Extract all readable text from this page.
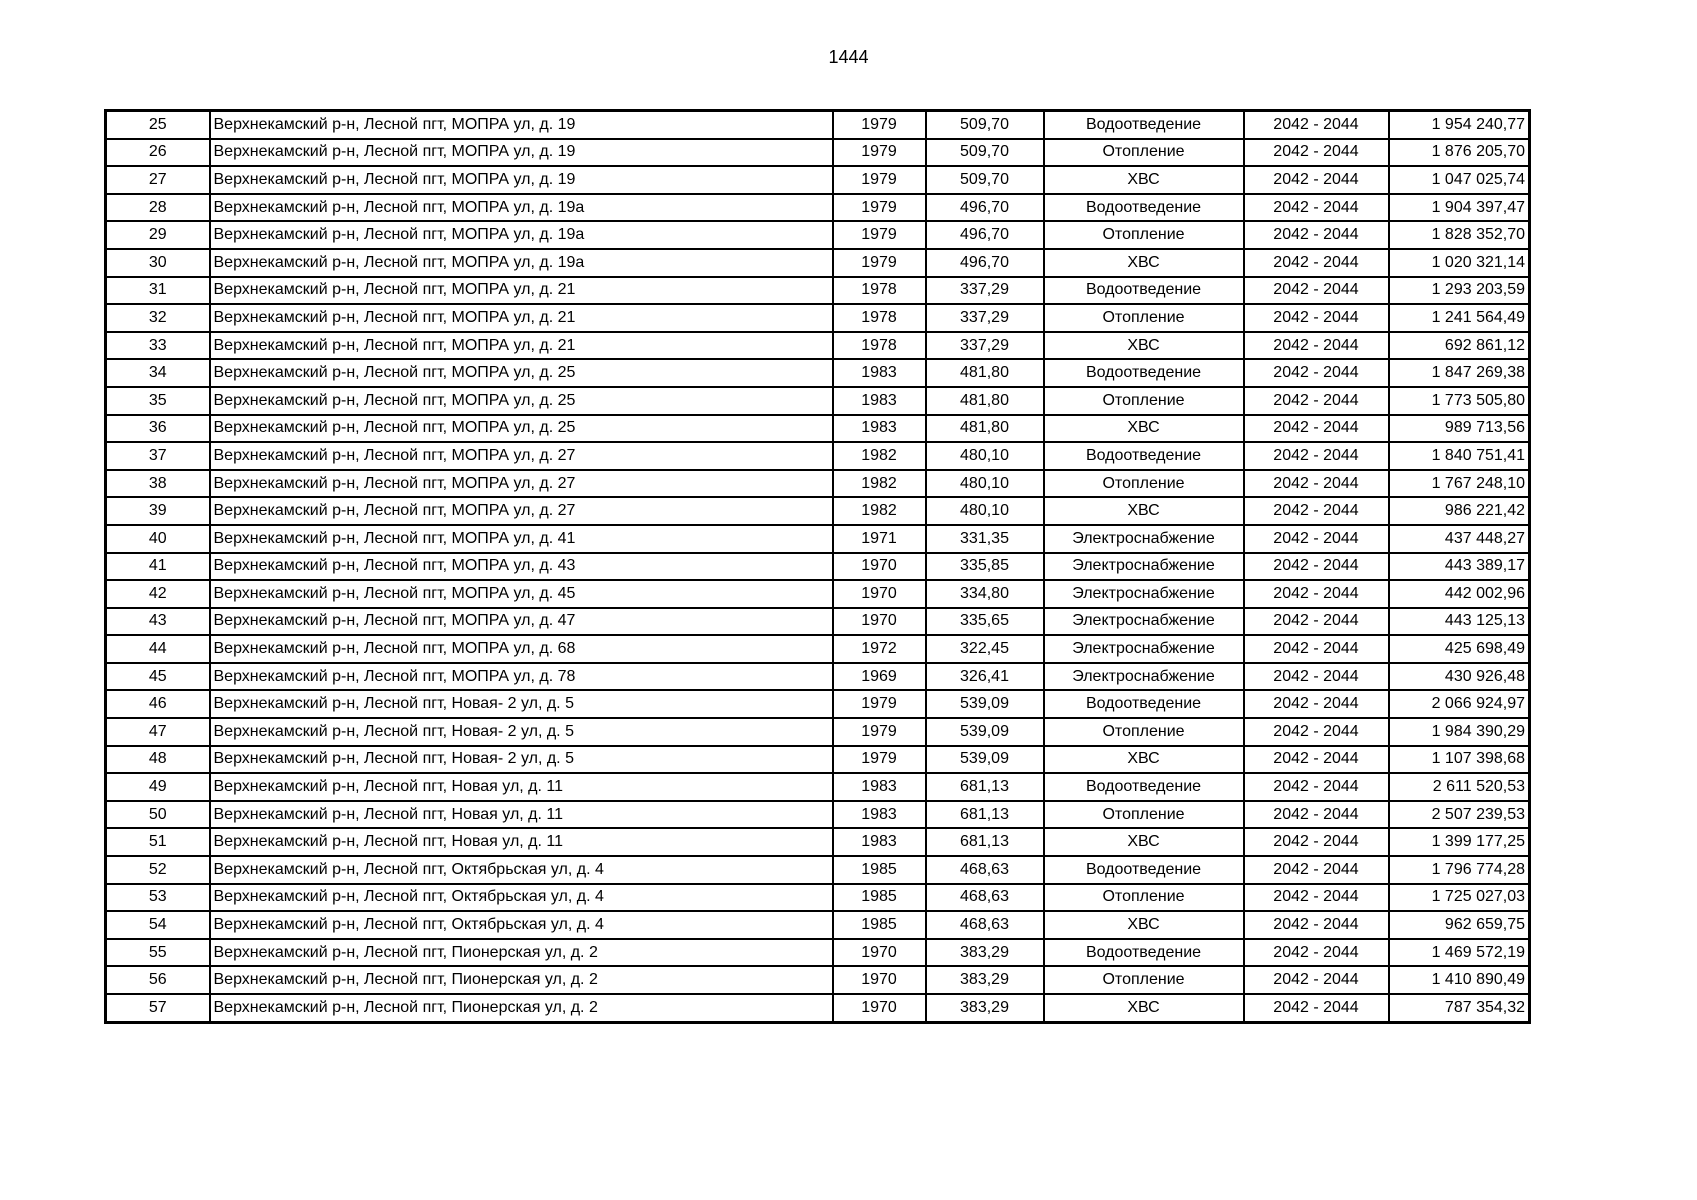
1444
25	Верхнекамский р-н, Лесной пгт, МОПРА ул, д. 19	1979	509,70	Водоотведение	2042 - 2044	1 954 240,77
26	Верхнекамский р-н, Лесной пгт, МОПРА ул, д. 19	1979	509,70	Отопление	2042 - 2044	1 876 205,70
27	Верхнекамский р-н, Лесной пгт, МОПРА ул, д. 19	1979	509,70	ХВС	2042 - 2044	1 047 025,74
28	Верхнекамский р-н, Лесной пгт, МОПРА ул, д. 19а	1979	496,70	Водоотведение	2042 - 2044	1 904 397,47
29	Верхнекамский р-н, Лесной пгт, МОПРА ул, д. 19а	1979	496,70	Отопление	2042 - 2044	1 828 352,70
30	Верхнекамский р-н, Лесной пгт, МОПРА ул, д. 19а	1979	496,70	ХВС	2042 - 2044	1 020 321,14
31	Верхнекамский р-н, Лесной пгт, МОПРА ул, д. 21	1978	337,29	Водоотведение	2042 - 2044	1 293 203,59
32	Верхнекамский р-н, Лесной пгт, МОПРА ул, д. 21	1978	337,29	Отопление	2042 - 2044	1 241 564,49
33	Верхнекамский р-н, Лесной пгт, МОПРА ул, д. 21	1978	337,29	ХВС	2042 - 2044	692 861,12
34	Верхнекамский р-н, Лесной пгт, МОПРА ул, д. 25	1983	481,80	Водоотведение	2042 - 2044	1 847 269,38
35	Верхнекамский р-н, Лесной пгт, МОПРА ул, д. 25	1983	481,80	Отопление	2042 - 2044	1 773 505,80
36	Верхнекамский р-н, Лесной пгт, МОПРА ул, д. 25	1983	481,80	ХВС	2042 - 2044	989 713,56
37	Верхнекамский р-н, Лесной пгт, МОПРА ул, д. 27	1982	480,10	Водоотведение	2042 - 2044	1 840 751,41
38	Верхнекамский р-н, Лесной пгт, МОПРА ул, д. 27	1982	480,10	Отопление	2042 - 2044	1 767 248,10
39	Верхнекамский р-н, Лесной пгт, МОПРА ул, д. 27	1982	480,10	ХВС	2042 - 2044	986 221,42
40	Верхнекамский р-н, Лесной пгт, МОПРА ул, д. 41	1971	331,35	Электроснабжение	2042 - 2044	437 448,27
41	Верхнекамский р-н, Лесной пгт, МОПРА ул, д. 43	1970	335,85	Электроснабжение	2042 - 2044	443 389,17
42	Верхнекамский р-н, Лесной пгт, МОПРА ул, д. 45	1970	334,80	Электроснабжение	2042 - 2044	442 002,96
43	Верхнекамский р-н, Лесной пгт, МОПРА ул, д. 47	1970	335,65	Электроснабжение	2042 - 2044	443 125,13
44	Верхнекамский р-н, Лесной пгт, МОПРА ул, д. 68	1972	322,45	Электроснабжение	2042 - 2044	425 698,49
45	Верхнекамский р-н, Лесной пгт, МОПРА ул, д. 78	1969	326,41	Электроснабжение	2042 - 2044	430 926,48
46	Верхнекамский р-н, Лесной пгт, Новая- 2 ул, д. 5	1979	539,09	Водоотведение	2042 - 2044	2 066 924,97
47	Верхнекамский р-н, Лесной пгт, Новая- 2 ул, д. 5	1979	539,09	Отопление	2042 - 2044	1 984 390,29
48	Верхнекамский р-н, Лесной пгт, Новая- 2 ул, д. 5	1979	539,09	ХВС	2042 - 2044	1 107 398,68
49	Верхнекамский р-н, Лесной пгт, Новая ул, д. 11	1983	681,13	Водоотведение	2042 - 2044	2 611 520,53
50	Верхнекамский р-н, Лесной пгт, Новая ул, д. 11	1983	681,13	Отопление	2042 - 2044	2 507 239,53
51	Верхнекамский р-н, Лесной пгт, Новая ул, д. 11	1983	681,13	ХВС	2042 - 2044	1 399 177,25
52	Верхнекамский р-н, Лесной пгт, Октябрьская ул, д. 4	1985	468,63	Водоотведение	2042 - 2044	1 796 774,28
53	Верхнекамский р-н, Лесной пгт, Октябрьская ул, д. 4	1985	468,63	Отопление	2042 - 2044	1 725 027,03
54	Верхнекамский р-н, Лесной пгт, Октябрьская ул, д. 4	1985	468,63	ХВС	2042 - 2044	962 659,75
55	Верхнекамский р-н, Лесной пгт, Пионерская ул, д. 2	1970	383,29	Водоотведение	2042 - 2044	1 469 572,19
56	Верхнекамский р-н, Лесной пгт, Пионерская ул, д. 2	1970	383,29	Отопление	2042 - 2044	1 410 890,49
57	Верхнекамский р-н, Лесной пгт, Пионерская ул, д. 2	1970	383,29	ХВС	2042 - 2044	787 354,32
